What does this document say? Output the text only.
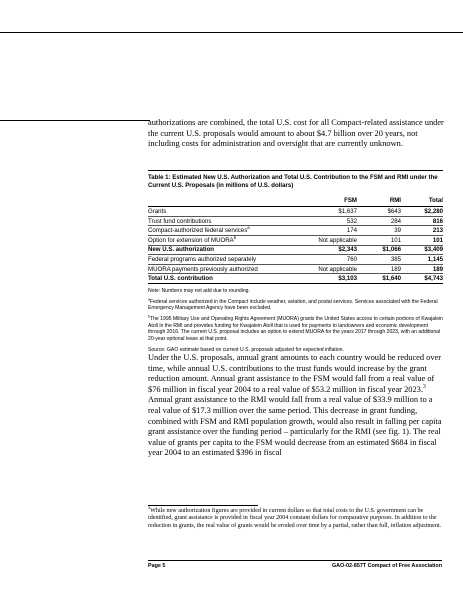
authorizations are combined, the total U.S. cost for all Compact-related assistance under the current U.S. proposals would amount to about $4.7 billion over 20 years, not including costs for administration and oversight that are currently unknown.

Table 1: Estimated New U.S. Authorization and Total U.S. Contribution to the FSM and RMI under the Current U.S. Proposals (in millions of U.S. dollars)

	FSM	RMI	Total
Grants	$1,637	$643	$2,280
Trust fund contributions	532	284	816
Compact-authorized federal services$^a$	174	39	213
Option for extension of MUORA$^b$	Not applicable	101	101
New U.S. authorization	$2,343	$1,066	$3,409
Federal programs authorized separately	760	385	1,145
MUORA payments previously authorized	Not applicable	189	189
Total U.S. contribution	$3,103	$1,640	$4,743

Note: Numbers may not add due to rounding.

$^a$Federal services authorized in the Compact include weather, aviation, and postal services. Services associated with the Federal Emergency Management Agency have been excluded.

$^b$The 1995 Military Use and Operating Rights Agreement (MUORA) grants the United States access to certain portions of Kwajalein Atoll in the RMI and provides funding for Kwajalein Atoll that is used for payments to landowners and economic development through 2016. The current U.S. proposal includes an option to extend MUORA for the years 2017 through 2023, with an additional 20-year optional lease at that point.

Source: GAO estimate based on current U.S. proposals adjusted for expected inflation.

Under the U.S. proposals, annual grant amounts to each country would be reduced over time, while annual U.S. contributions to the trust funds would increase by the grant reduction amount. Annual grant assistance to the FSM would fall from a real value of $76 million in fiscal year 2004 to a real value of $53.2 million in fiscal year 2023.$^3$ Annual grant assistance to the RMI would fall from a real value of $33.9 million to a real value of $17.3 million over the same period. This decrease in grant funding, combined with FSM and RMI population growth, would also result in falling per capita grant assistance over the funding period – particularly for the RMI (see fig. 1). The real value of grants per capita to the FSM would decrease from an estimated $684 in fiscal year 2004 to an estimated $396 in fiscal

$^3$While new authorization figures are provided in current dollars so that total costs to the U.S. government can be identified, grant assistance is provided in fiscal year 2004 constant dollars for comparative purposes. In addition to the reduction in grants, the real value of grants would be eroded over time by a partial, rather than full, inflation adjustment.

Page 5	GAO-02-857T Compact of Free Association
